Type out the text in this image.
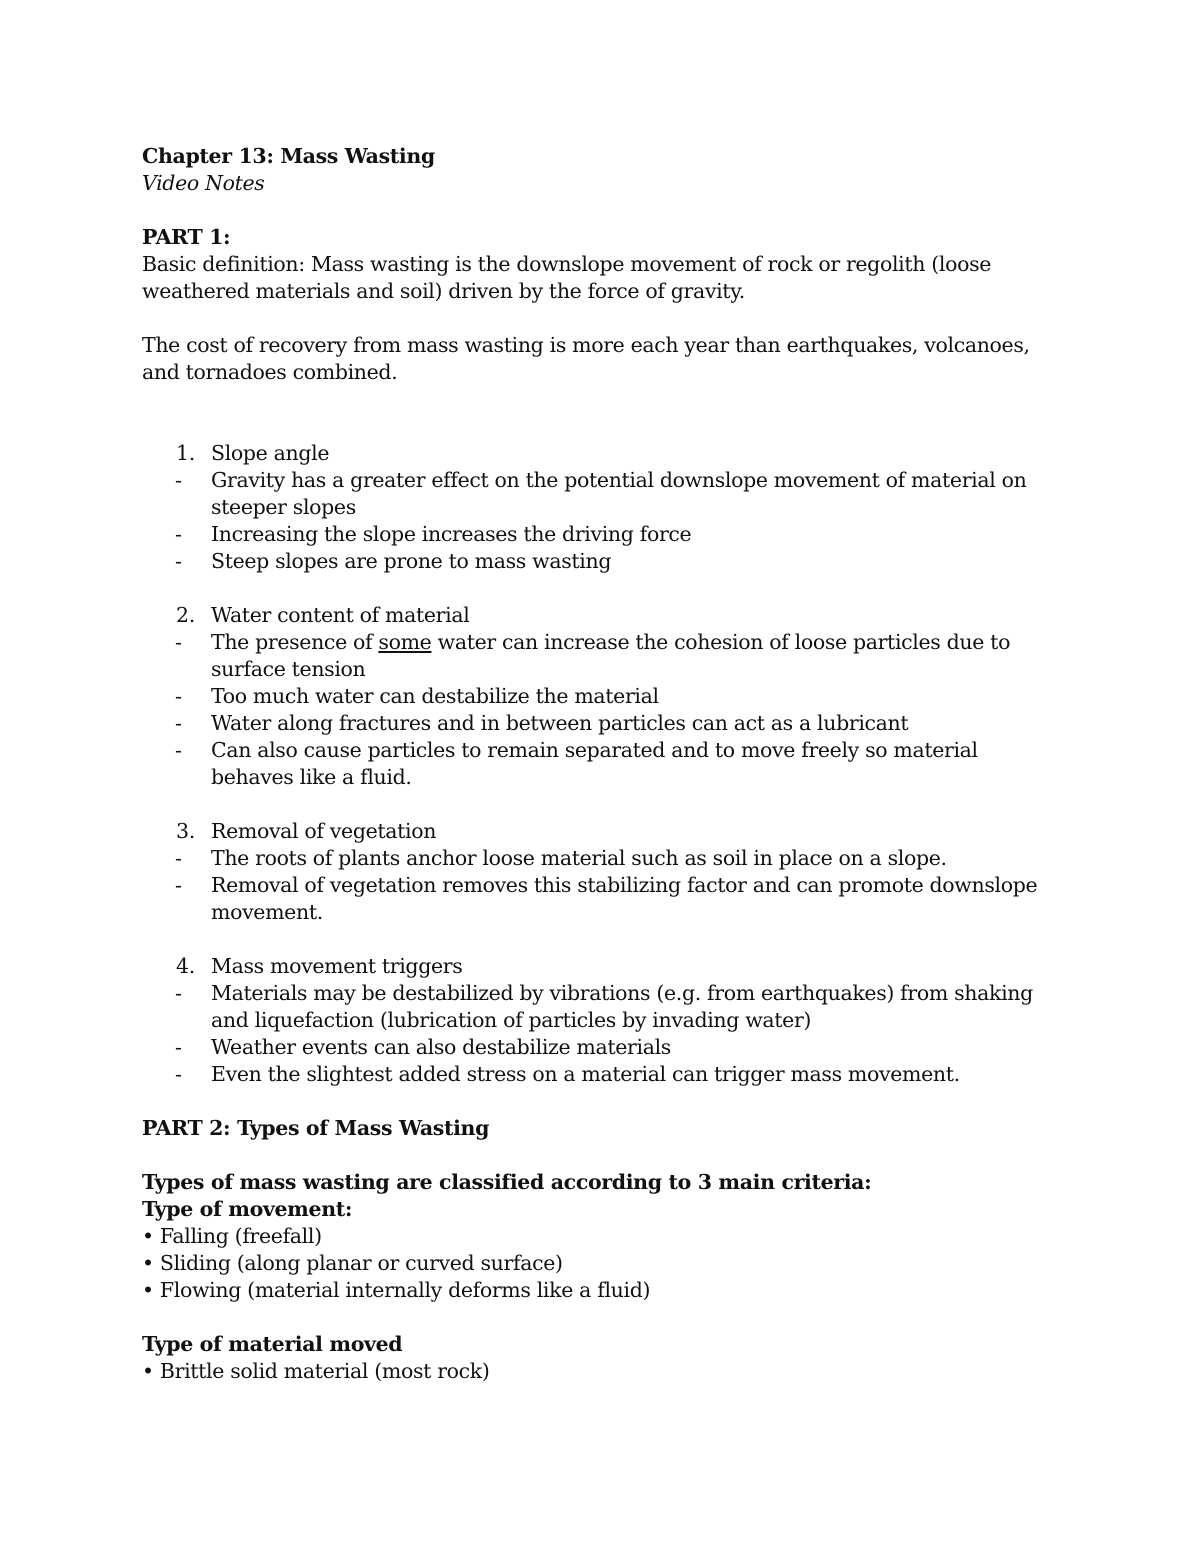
Chapter 13: Mass Wasting

Video Notes

PART 1:

Basic definition: Mass wasting is the downslope movement of rock or regolith (loose weathered materials and soil) driven by the force of gravity.

The cost of recovery from mass wasting is more each year than earthquakes, volcanoes, and tornadoes combined.

1. Slope angle
-	Gravity has a greater effect on the potential downslope movement of material on steeper slopes
-	Increasing the slope increases the driving force
-	Steep slopes are prone to mass wasting
2. Water content of material
-	The presence of some water can increase the cohesion of loose particles due to surface tension
-	Too much water can destabilize the material
-	Water along fractures and in between particles can act as a lubricant
-	Can also cause particles to remain separated and to move freely so material behaves like a fluid.
3. Removal of vegetation
-	The roots of plants anchor loose material such as soil in place on a slope.
-	Removal of vegetation removes this stabilizing factor and can promote downslope movement.
4. Mass movement triggers
-	Materials may be destabilized by vibrations (e.g. from earthquakes) from shaking and liquefaction (lubrication of particles by invading water)
-	Weather events can also destabilize materials
-	Even the slightest added stress on a material can trigger mass movement.

PART 2: Types of Mass Wasting

Types of mass wasting are classified according to 3 main criteria:

Type of movement:

• Falling (freefall)

• Sliding (along planar or curved surface)

• Flowing (material internally deforms like a fluid)

Type of material moved

• Brittle solid material (most rock)
